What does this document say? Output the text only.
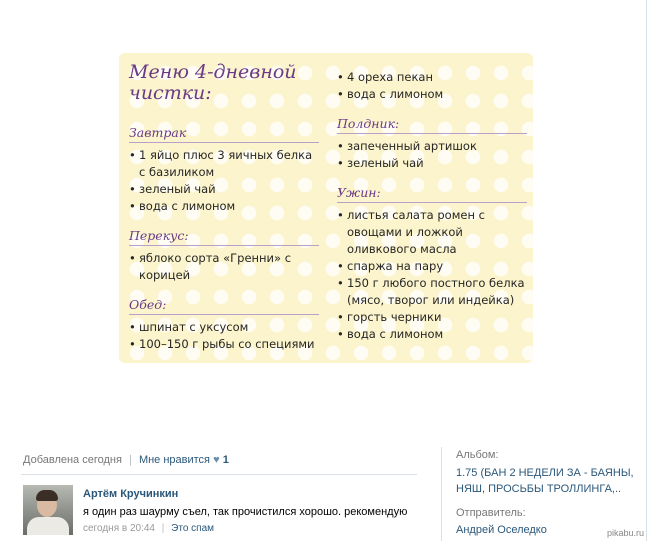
Меню 4-дневной чистки:
Завтрак
• 1 яйцо плюс 3 яичных белка с базиликом
• зеленый чай
• вода с лимоном
Перекус:
• яблоко сорта «Гренни» с корицей
Обед:
• шпинат с уксусом
• 100–150 г рыбы со специями
• 4 ореха пекан
• вода с лимоном
Полдник:
• запеченный артишок
• зеленый чай
Ужин:
• листья салата ромен с овощами и ложкой оливкового масла
• спаржа на пару
• 150 г любого постного белка (мясо, творог или индейка)
• горсть черники
• вода с лимоном
Добавлена сегодня | Мне нравится ♥ 1
Артём Кручинкин
я один раз шаурму съел, так прочистился хорошо. рекомендую
сегодня в 20:44 | Это спам
Альбом:
1.75 (БАН 2 НЕДЕЛИ ЗА - БАЯНЫ, НЯШ, ПРОСЬБЫ ТРОЛЛИНГА,..
Отправитель:
Андрей Оселедко	pikabu.ru
